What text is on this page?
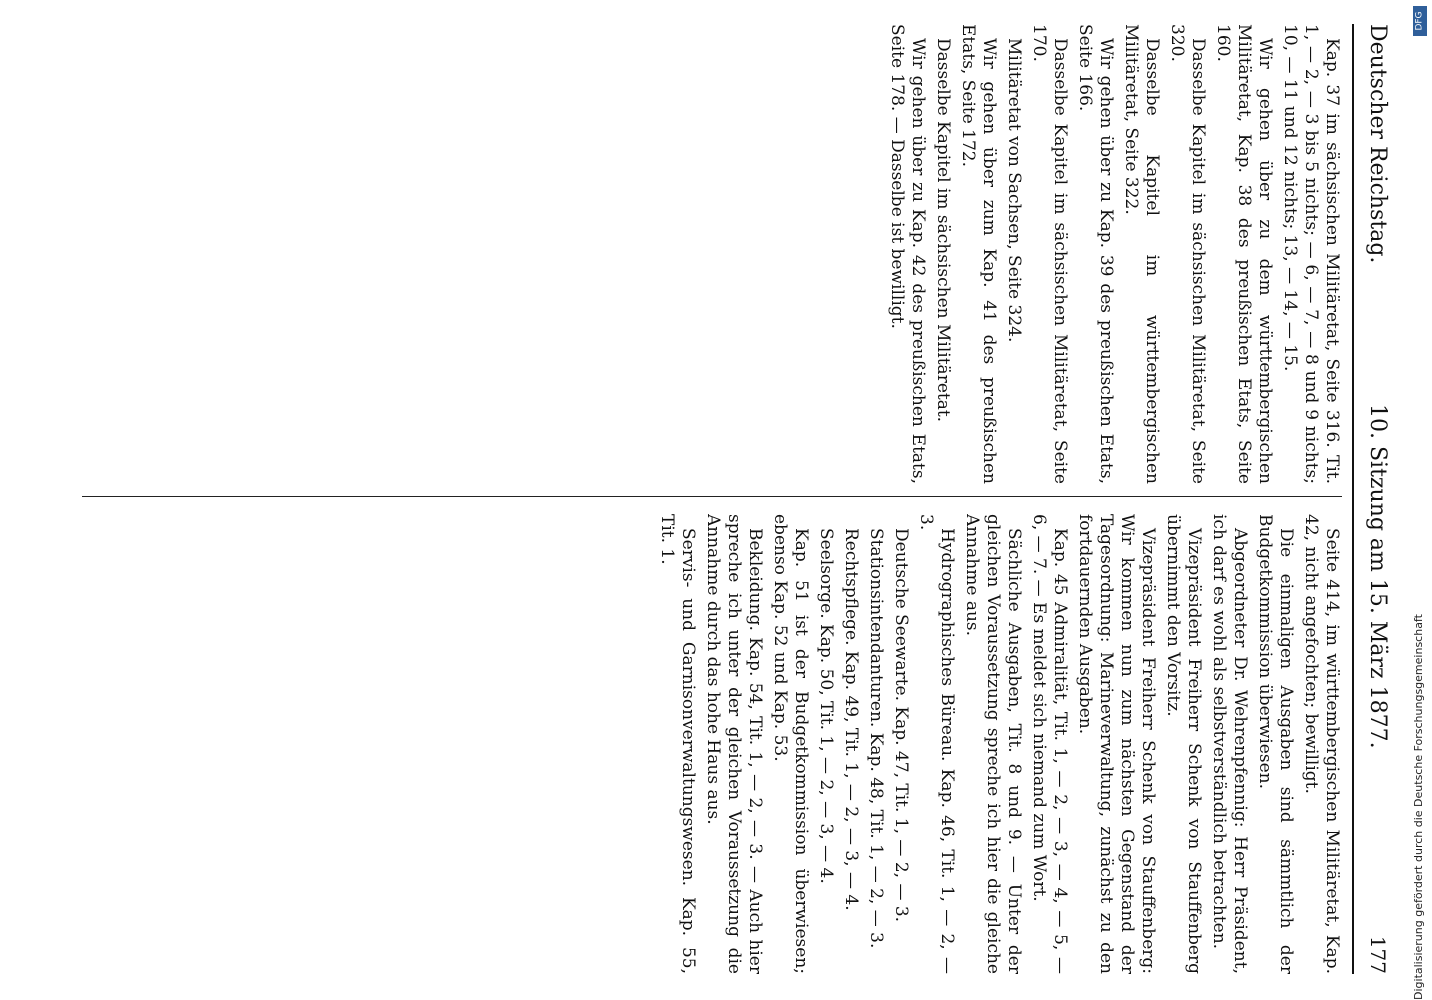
Deutscher Reichstag.
10. Sitzung am 15. März 1877.
177

Kap. 37 im sächsischen Militäretat, Seite 316. Tit. 1, — 2, — 3 bis 5 nichts; — 6, — 7, — 8 und 9 nichts; 10, — 11 und 12 nichts; 13, — 14, — 15.

Wir gehen über zu dem württembergischen Militäretat, Kap. 38 des preußischen Etats, Seite 160.

Dasselbe Kapitel im sächsischen Militäretat, Seite 320.

Dasselbe Kapitel im württembergischen Militäretat, Seite 322.

Wir gehen über zu Kap. 39 des preußischen Etats, Seite 166.

Dasselbe Kapitel im sächsischen Militäretat, Seite 170.

Militäretat von Sachsen, Seite 324.

Wir gehen über zum Kap. 41 des preußischen Etats, Seite 172.

Dasselbe Kapitel im sächsischen Militäretat.

Wir gehen über zu Kap. 42 des preußischen Etats, Seite 178. — Dasselbe ist bewilligt.

Seite 414, im württembergischen Militäretat, Kap. 42, nicht angefochten; bewilligt.

Die einmaligen Ausgaben sind sämmtlich der Budgetkommission überwiesen.

Abgeordneter Dr. Wehrenpfennig: Herr Präsident, ich darf es wohl als selbstverständlich betrachten.

Vizepräsident Freiherr Schenk von Stauffenberg übernimmt den Vorsitz.

Vizepräsident Freiherr Schenk von Stauffenberg: Wir kommen nun zum nächsten Gegenstand der Tagesordnung: Marineverwaltung, zunächst zu den fortdauernden Ausgaben.

Kap. 45 Admiralität, Tit. 1, — 2, — 3, — 4, — 5, — 6, — 7. — Es meldet sich niemand zum Wort.

Sächliche Ausgaben, Tit. 8 und 9. — Unter der gleichen Voraussetzung spreche ich hier die gleiche Annahme aus.

Hydrographisches Büreau. Kap. 46, Tit. 1, — 2, — 3.

Deutsche Seewarte. Kap. 47, Tit. 1, — 2, — 3.

Stationsintendanturen. Kap. 48, Tit. 1, — 2, — 3.

Rechtspflege. Kap. 49, Tit. 1, — 2, — 3, — 4.

Seelsorge. Kap. 50, Tit. 1, — 2, — 3, — 4.

Kap. 51 ist der Budgetkommission überwiesen; ebenso Kap. 52 und Kap. 53.

Bekleidung. Kap. 54, Tit. 1, — 2, — 3. — Auch hier spreche ich unter der gleichen Voraussetzung die Annahme durch das hohe Haus aus.

Servis- und Garnisonverwaltungswesen. Kap. 55, Tit. 1.

DFG
Digitalisierung gefördert durch die Deutsche Forschungsgemeinschaft
